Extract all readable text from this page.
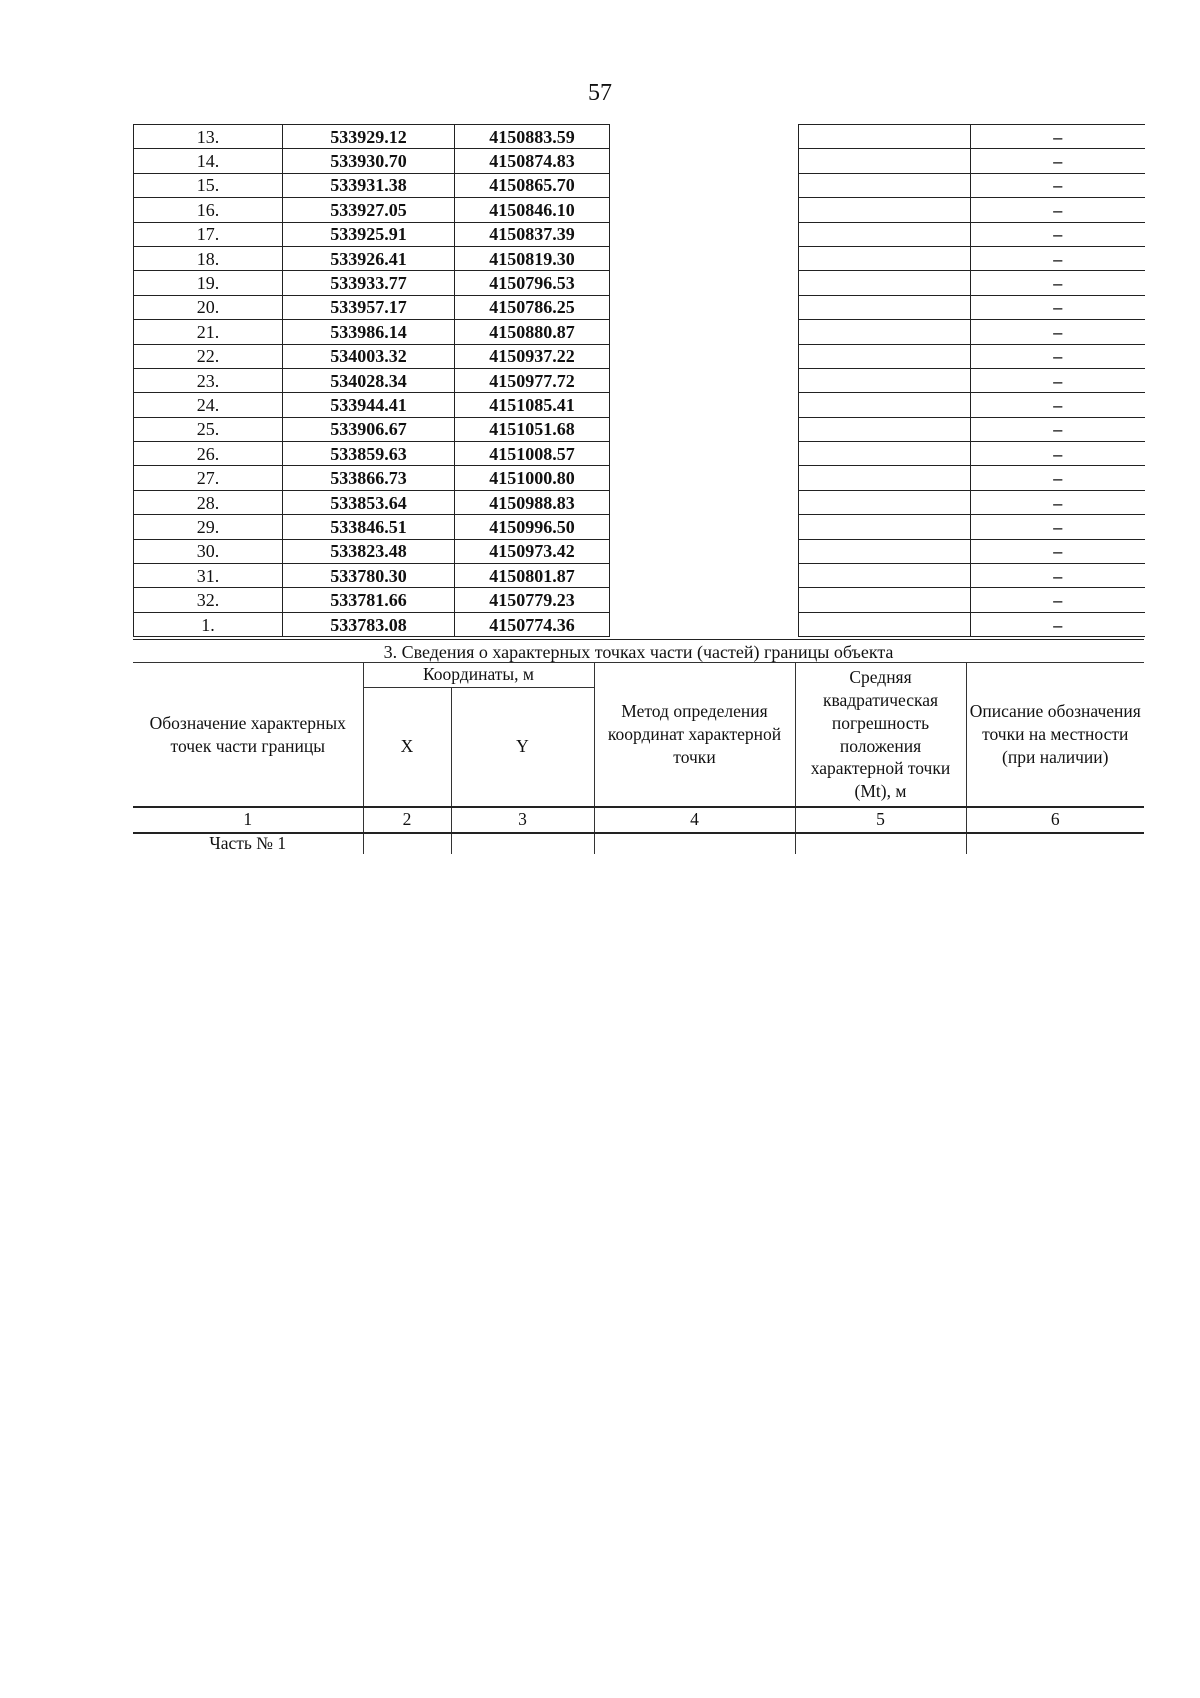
57
13.	533929.12	4150883.59			–
14.	533930.70	4150874.83			–
15.	533931.38	4150865.70			–
16.	533927.05	4150846.10			–
17.	533925.91	4150837.39			–
18.	533926.41	4150819.30			–
19.	533933.77	4150796.53			–
20.	533957.17	4150786.25			–
21.	533986.14	4150880.87			–
22.	534003.32	4150937.22			–
23.	534028.34	4150977.72			–
24.	533944.41	4151085.41			–
25.	533906.67	4151051.68			–
26.	533859.63	4151008.57			–
27.	533866.73	4151000.80			–
28.	533853.64	4150988.83			–
29.	533846.51	4150996.50			–
30.	533823.48	4150973.42			–
31.	533780.30	4150801.87			–
32.	533781.66	4150779.23			–
1.	533783.08	4150774.36			–
3. Сведения о характерных точках части (частей) границы объекта
Обозначение характерных точек части границы	Координаты, м		Метод определения координат характерной точки	Средняя квадратическая погрешность положения характерной точки (Mt), м	Описание обозначения точки на местности (при наличии)
	X	Y			
1	2	3	4	5	6
Часть № 1					
